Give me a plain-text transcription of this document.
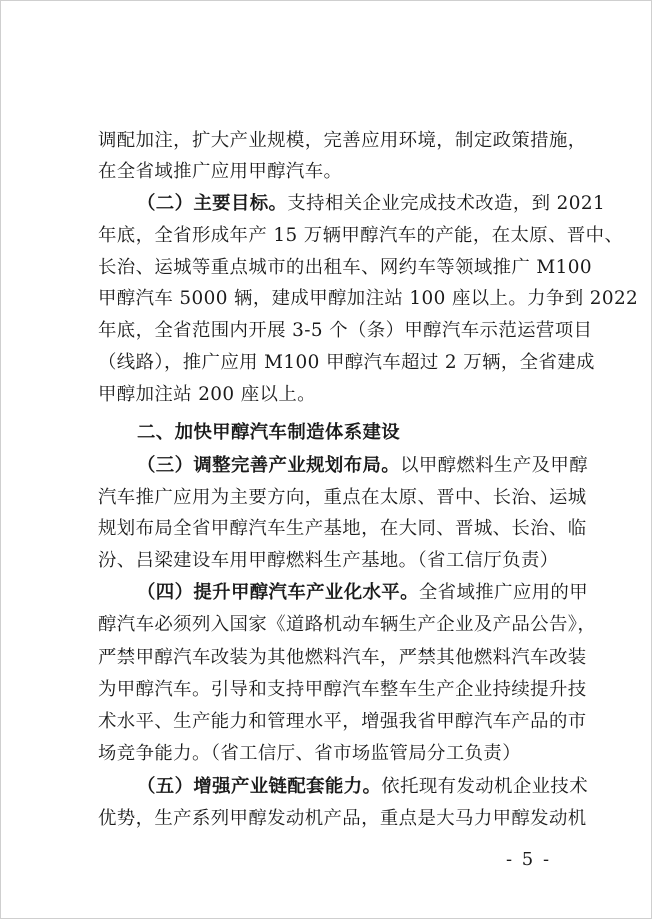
调配加注，扩大产业规模，完善应用环境，制定政策措施，
在全省域推广应用甲醇汽车。
（二）主要目标。支持相关企业完成技术改造，到 2021
年底，全省形成年产 15 万辆甲醇汽车的产能，在太原、晋中、
长治、运城等重点城市的出租车、网约车等领域推广 M100
甲醇汽车 5000 辆，建成甲醇加注站 100 座以上。力争到 2022
年底，全省范围内开展 3-5 个（条）甲醇汽车示范运营项目
（线路），推广应用 M100 甲醇汽车超过 2 万辆，全省建成
甲醇加注站 200 座以上。
二、加快甲醇汽车制造体系建设
（三）调整完善产业规划布局。以甲醇燃料生产及甲醇
汽车推广应用为主要方向，重点在太原、晋中、长治、运城
规划布局全省甲醇汽车生产基地，在大同、晋城、长治、临
汾、吕梁建设车用甲醇燃料生产基地。（省工信厅负责）
（四）提升甲醇汽车产业化水平。全省域推广应用的甲
醇汽车必须列入国家《道路机动车辆生产企业及产品公告》，
严禁甲醇汽车改装为其他燃料汽车，严禁其他燃料汽车改装
为甲醇汽车。引导和支持甲醇汽车整车生产企业持续提升技
术水平、生产能力和管理水平，增强我省甲醇汽车产品的市
场竞争能力。（省工信厅、省市场监管局分工负责）
（五）增强产业链配套能力。依托现有发动机企业技术
优势，生产系列甲醇发动机产品，重点是大马力甲醇发动机
- 5 -
